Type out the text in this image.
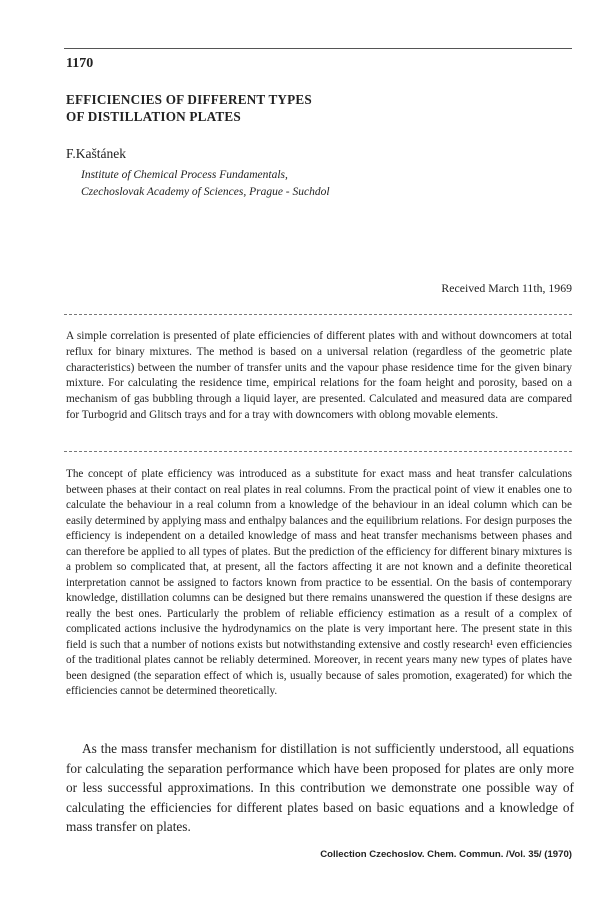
1170

EFFICIENCIES OF DIFFERENT TYPES
OF DISTILLATION PLATES

F.Kaštánek

Institute of Chemical Process Fundamentals,
Czechoslovak Academy of Sciences, Prague - Suchdol

Received March 11th, 1969

A simple correlation is presented of plate efficiencies of different plates with and without downcomers at total reflux for binary mixtures. The method is based on a universal relation (regardless of the geometric plate characteristics) between the number of transfer units and the vapour phase residence time for the given binary mixture. For calculating the residence time, empirical relations for the foam height and porosity, based on a mechanism of gas bubbling through a liquid layer, are presented. Calculated and measured data are compared for Turbogrid and Glitsch trays and for a tray with downcomers with oblong movable elements.

The concept of plate efficiency was introduced as a substitute for exact mass and heat transfer calculations between phases at their contact on real plates in real columns. From the practical point of view it enables one to calculate the behaviour in a real column from a knowledge of the behaviour in an ideal column which can be easily determined by applying mass and enthalpy balances and the equilibrium relations. For design purposes the efficiency is independent on a detailed knowledge of mass and heat transfer mechanisms between phases and can therefore be applied to all types of plates. But the prediction of the efficiency for different binary mixtures is a problem so complicated that, at present, all the factors affecting it are not known and a definite theoretical interpretation cannot be assigned to factors known from practice to be essential. On the basis of contemporary knowledge, distillation columns can be designed but there remains unanswered the question if these designs are really the best ones. Particularly the problem of reliable efficiency estimation as a result of a complex of complicated actions inclusive the hydrodynamics on the plate is very important here. The present state in this field is such that a number of notions exists but notwithstanding extensive and costly research¹ even efficiencies of the traditional plates cannot be reliably determined. Moreover, in recent years many new types of plates have been designed (the separation effect of which is, usually because of sales promotion, exagerated) for which the efficiencies cannot be determined theoretically.

As the mass transfer mechanism for distillation is not sufficiently understood, all equations for calculating the separation performance which have been proposed for plates are only more or less successful approximations. In this contribution we demonstrate one possible way of calculating the efficiencies for different plates based on basic equations and a knowledge of mass transfer on plates.

Collection Czechoslov. Chem. Commun. /Vol. 35/ (1970)
